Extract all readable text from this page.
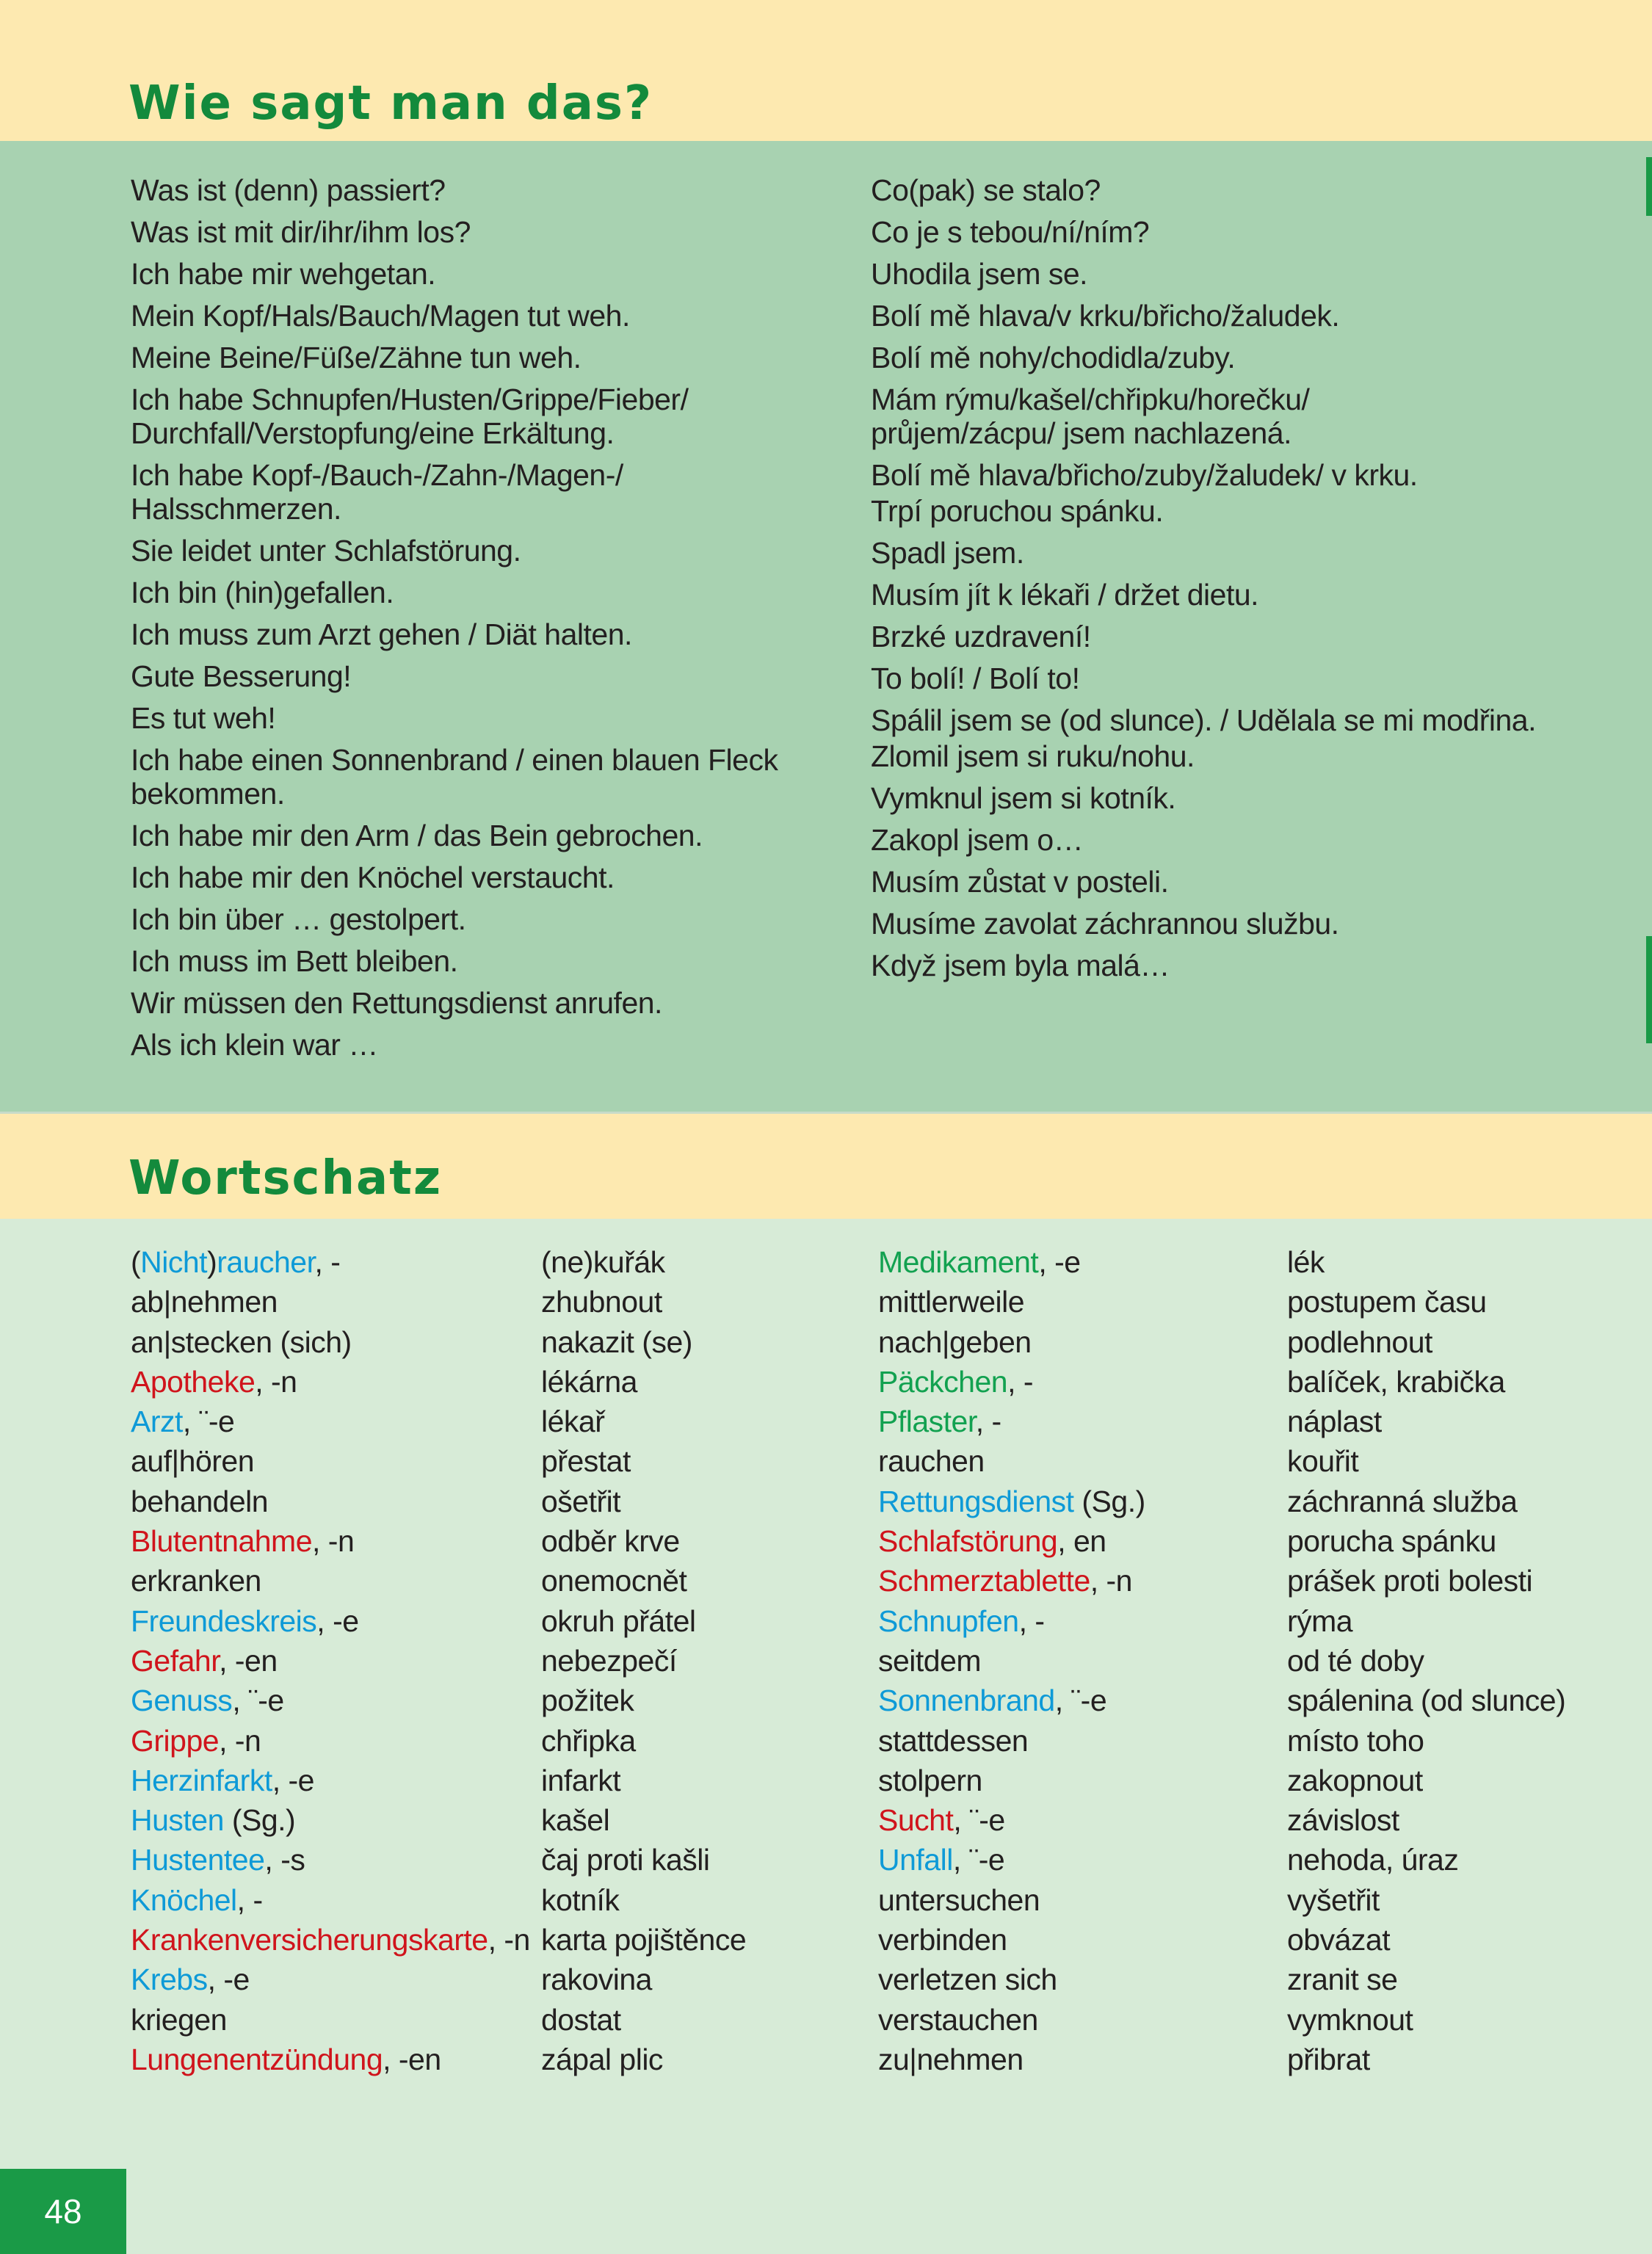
Wie sagt man das?
Was ist (denn) passiert?
Was ist mit dir/ihr/ihm los?
Ich habe mir wehgetan.
Mein Kopf/Hals/Bauch/Magen tut weh.
Meine Beine/Füße/Zähne tun weh.
Ich habe Schnupfen/Husten/Grippe/Fieber/
Durchfall/Verstopfung/eine Erkältung.
Ich habe Kopf-/Bauch-/Zahn-/Magen-/
Halsschmerzen.
Sie leidet unter Schlafstörung.
Ich bin (hin)gefallen.
Ich muss zum Arzt gehen / Diät halten.
Gute Besserung!
Es tut weh!
Ich habe einen Sonnenbrand / einen blauen Fleck
bekommen.
Ich habe mir den Arm / das Bein gebrochen.
Ich habe mir den Knöchel verstaucht.
Ich bin über … gestolpert.
Ich muss im Bett bleiben.
Wir müssen den Rettungsdienst anrufen.
Als ich klein war …
Co(pak) se stalo?
Co je s tebou/ní/ním?
Uhodila jsem se.
Bolí mě hlava/v krku/břicho/žaludek.
Bolí mě nohy/chodidla/zuby.
Mám rýmu/kašel/chřipku/horečku/
průjem/zácpu/ jsem nachlazená.
Bolí mě hlava/břicho/zuby/žaludek/ v krku.
Trpí poruchou spánku.
Spadl jsem.
Musím jít k lékaři / držet dietu.
Brzké uzdravení!
To bolí! / Bolí to!
Spálil jsem se (od slunce). / Udělala se mi modřina.
Zlomil jsem si ruku/nohu.
Vymknul jsem si kotník.
Zakopl jsem o…
Musím zůstat v posteli.
Musíme zavolat záchrannou službu.
Když jsem byla malá…
Wortschatz
(Nicht)raucher, -
ab|nehmen
an|stecken (sich)
Apotheke, -n
Arzt, ¨-e
auf|hören
behandeln
Blutentnahme, -n
erkranken
Freundeskreis, -e
Gefahr, -en
Genuss, ¨-e
Grippe, -n
Herzinfarkt, -e
Husten (Sg.)
Hustentee, -s
Knöchel, -
Krankenversicherungskarte, -n
Krebs, -e
kriegen
Lungenentzündung, -en
(ne)kuřák
zhubnout
nakazit (se)
lékárna
lékař
přestat
ošetřit
odběr krve
onemocnět
okruh přátel
nebezpečí
požitek
chřipka
infarkt
kašel
čaj proti kašli
kotník
karta pojištěnce
rakovina
dostat
zápal plic
Medikament, -e
mittlerweile
nach|geben
Päckchen, -
Pflaster, -
rauchen
Rettungsdienst (Sg.)
Schlafstörung, en
Schmerztablette, -n
Schnupfen, -
seitdem
Sonnenbrand, ¨-e
stattdessen
stolpern
Sucht, ¨-e
Unfall, ¨-e
untersuchen
verbinden
verletzen sich
verstauchen
zu|nehmen
lék
postupem času
podlehnout
balíček, krabička
náplast
kouřit
záchranná služba
porucha spánku
prášek proti bolesti
rýma
od té doby
spálenina (od slunce)
místo toho
zakopnout
závislost
nehoda, úraz
vyšetřit
obvázat
zranit se
vymknout
přibrat
48
